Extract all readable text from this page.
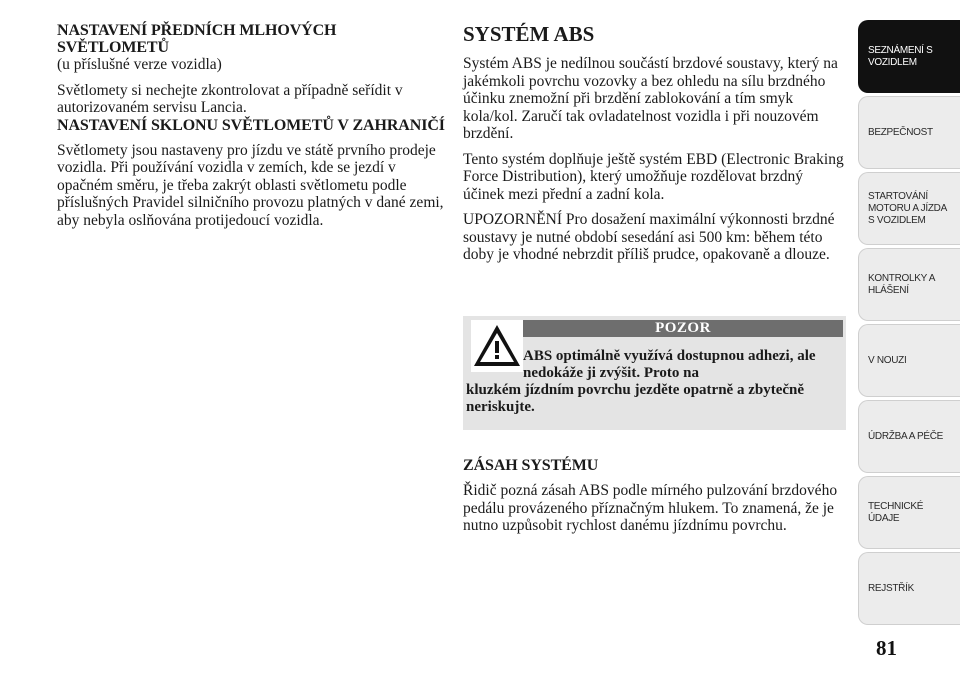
NASTAVENÍ PŘEDNÍCH MLHOVÝCH SVĚTLOMETŮ

(u příslušné verze vozidla)

Světlomety si nechejte zkontrolovat a případně seřídit v autorizovaném servisu Lancia.

NASTAVENÍ SKLONU SVĚTLOMETŮ V ZAHRANIČÍ

Světlomety jsou nastaveny pro jízdu ve státě prvního prodeje vozidla. Při používání vozidla v zemích, kde se jezdí v opačném směru, je třeba zakrýt oblasti světlometu podle příslušných Pravidel silničního provozu platných v dané zemi, aby nebyla oslňována protijedoucí vozidla.

SYSTÉM ABS

Systém ABS je nedílnou součástí brzdové soustavy, který na jakémkoli povrchu vozovky a bez ohledu na sílu brzdného účinku znemožní při brzdění zablokování a tím smyk kola/kol. Zaručí tak ovladatelnost vozidla i při nouzovém brzdění.

Tento systém doplňuje ještě systém EBD (Electronic Braking Force Distribution), který umožňuje rozdělovat brzdný účinek mezi přední a zadní kola.

UPOZORNĚNÍ Pro dosažení maximální výkonnosti brzdné soustavy je nutné období sesedání asi 500 km: během této doby je vhodné nebrzdit příliš prudce, opakovaně a dlouze.

POZOR
ABS optimálně využívá dostupnou adhezi, ale nedokáže ji zvýšit. Proto na
kluzkém jízdním povrchu jezděte opatrně a zbytečně neriskujte.
ZÁSAH SYSTÉMU

Řidič pozná zásah ABS podle mírného pulzování brzdového pedálu provázeného příznačným hlukem. To znamená, že je nutno uzpůsobit rychlost danému jízdnímu povrchu.

SEZNÁMENÍ S
VOZIDLEM
BEZPEČNOST
STARTOVÁNÍ
MOTORU A JÍZDA
S VOZIDLEM
KONTROLKY A
HLÁŠENÍ
V NOUZI
ÚDRŽBA A PÉČE
TECHNICKÉ
ÚDAJE
REJSTŘÍK
81
